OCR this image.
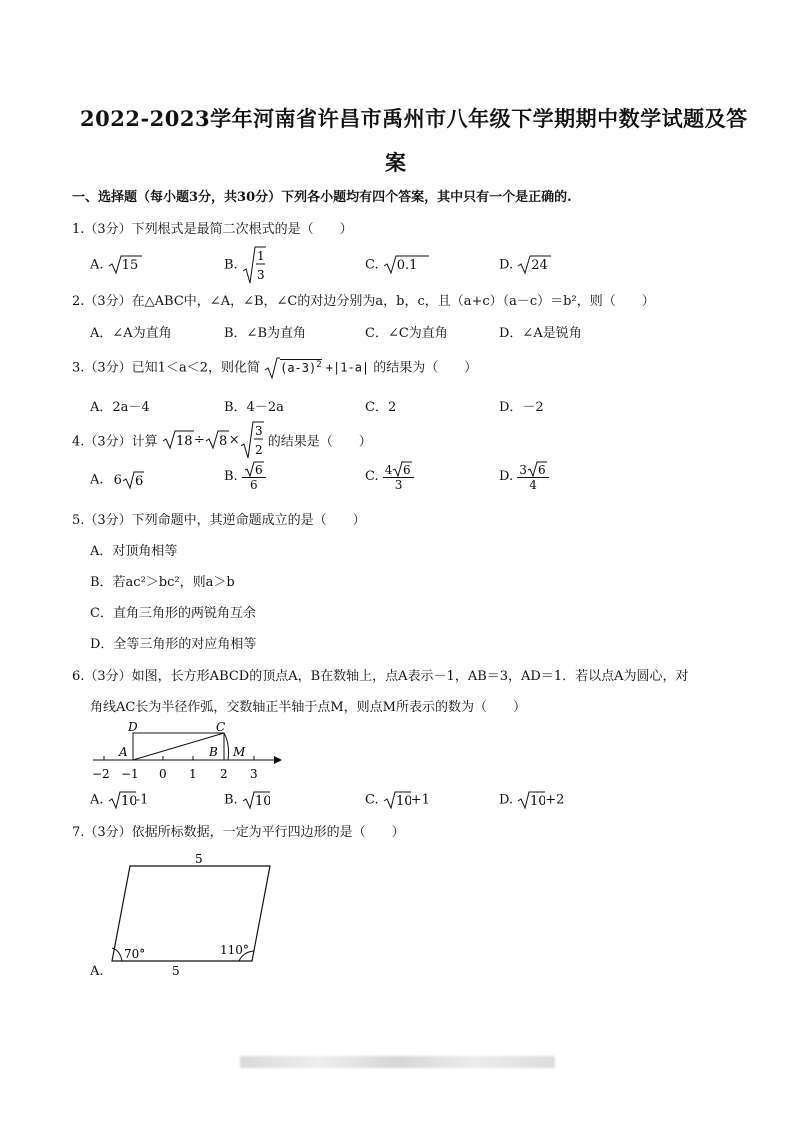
2022-2023学年河南省许昌市禹州市八年级下学期期中数学试题及答
案
一、选择题（每小题3分，共30分）下列各小题均有四个答案，其中只有一个是正确的.
1.（3分）下列根式是最简二次根式的是（　　）
A. 15	B.
1
3
C. 0.1	D. 24
2.（3分）在△ABC中，∠A，∠B，∠C的对边分别为a，b，c，且（a+c）（a－c）＝b²，则（　　）
A．∠A为直角	B．∠B为直角	C．∠C为直角	D．∠A是锐角
3.（3分）已知1＜a＜2，则化简 $(a-3)^2 +|1-a|$ 的结果为（　　）
A．2a－4	B．4－2a	C．2	D．－2
4.（3分）计算 18 ÷ 8 ×
3
2
的结果是（　　）
A. 6 6	B. $\frac{6}{6}$	C. $\frac{4 6}{3}$	D. $\frac{3 6}{4}$
5.（3分）下列命题中，其逆命题成立的是（　　）
A．对顶角相等
B．若ac²＞bc²，则a＞b
C．直角三角形的两锐角互余
D．全等三角形的对应角相等
6.（3分）如图，长方形ABCD的顶点A，B在数轴上，点A表示－1，AB＝3，AD＝1．若以点A为圆心，对
角线AC长为半径作弧，交数轴正半轴于点M，则点M所表示的数为（　　）
D	C
A	B M
−2 −1 0 1 2 3
A. 10
-1	B. 10	C. 10
+1	D. 10
+2
7.（3分）依据所标数据，一定为平行四边形的是（　　）
5
5
70°	110°
A.
